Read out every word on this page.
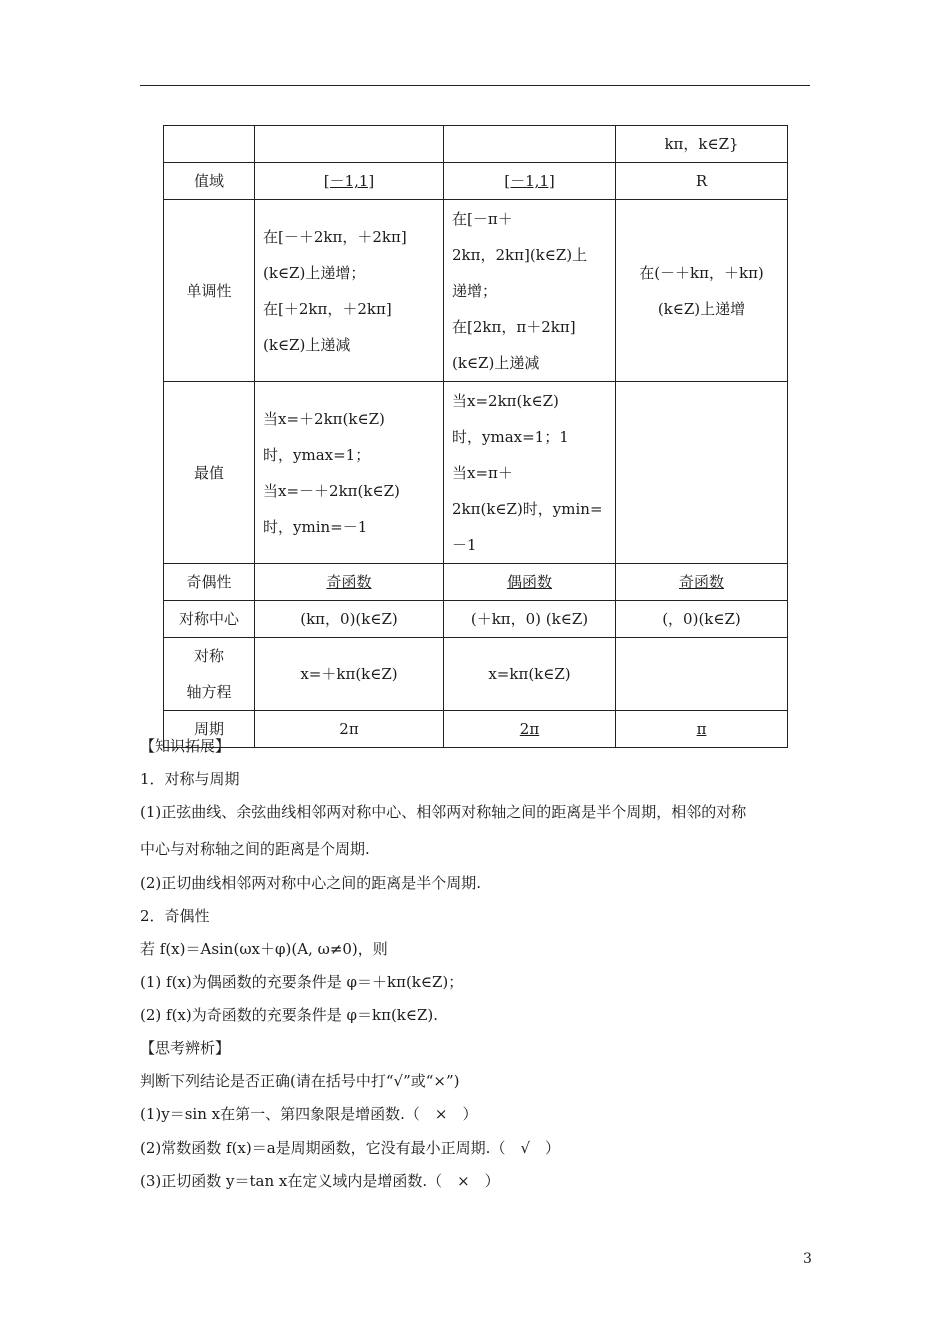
			kπ，k∈Z}
值域	[－1,1]	[－1,1]	R
单调性	在[－＋2kπ，＋2kπ]
(k∈Z)上递增；
在[＋2kπ，＋2kπ]
(k∈Z)上递减	在[－π＋
2kπ，2kπ](k∈Z)上
递增；
在[2kπ，π＋2kπ]
(k∈Z)上递减	在(－＋kπ，＋kπ)
(k∈Z)上递增

最值	当x=＋2kπ(k∈Z)
时，ymax=1；
当x=－＋2kπ(k∈Z)
时，ymin=－1	当x=2kπ(k∈Z)
时，ymax=1；1
当x=π＋
2kπ(k∈Z)时，ymin=
－1	

奇偶性	奇函数	偶函数	奇函数
对称中心	(kπ，0)(k∈Z)	(＋kπ，0) (k∈Z)	(，0)(k∈Z)

对称
轴方程	x=＋kπ(k∈Z)	x=kπ(k∈Z)	
周期	2π	2π	π
【知识拓展】
1．对称与周期
(1)正弦曲线、余弦曲线相邻两对称中心、相邻两对称轴之间的距离是半个周期，相邻的对称
中心与对称轴之间的距离是个周期.
(2)正切曲线相邻两对称中心之间的距离是半个周期.
2．奇偶性
若 f(x)＝Asin(ωx＋φ)(A, ω≠0)，则
(1) f(x)为偶函数的充要条件是 φ＝＋kπ(k∈Z)；
(2) f(x)为奇函数的充要条件是 φ＝kπ(k∈Z).
【思考辨析】
判断下列结论是否正确(请在括号中打“√”或“×”)
(1)y＝sin x在第一、第四象限是增函数.（　×　）
(2)常数函数 f(x)＝a是周期函数，它没有最小正周期.（　√　）
(3)正切函数 y＝tan x在定义域内是增函数.（　×　）
3
